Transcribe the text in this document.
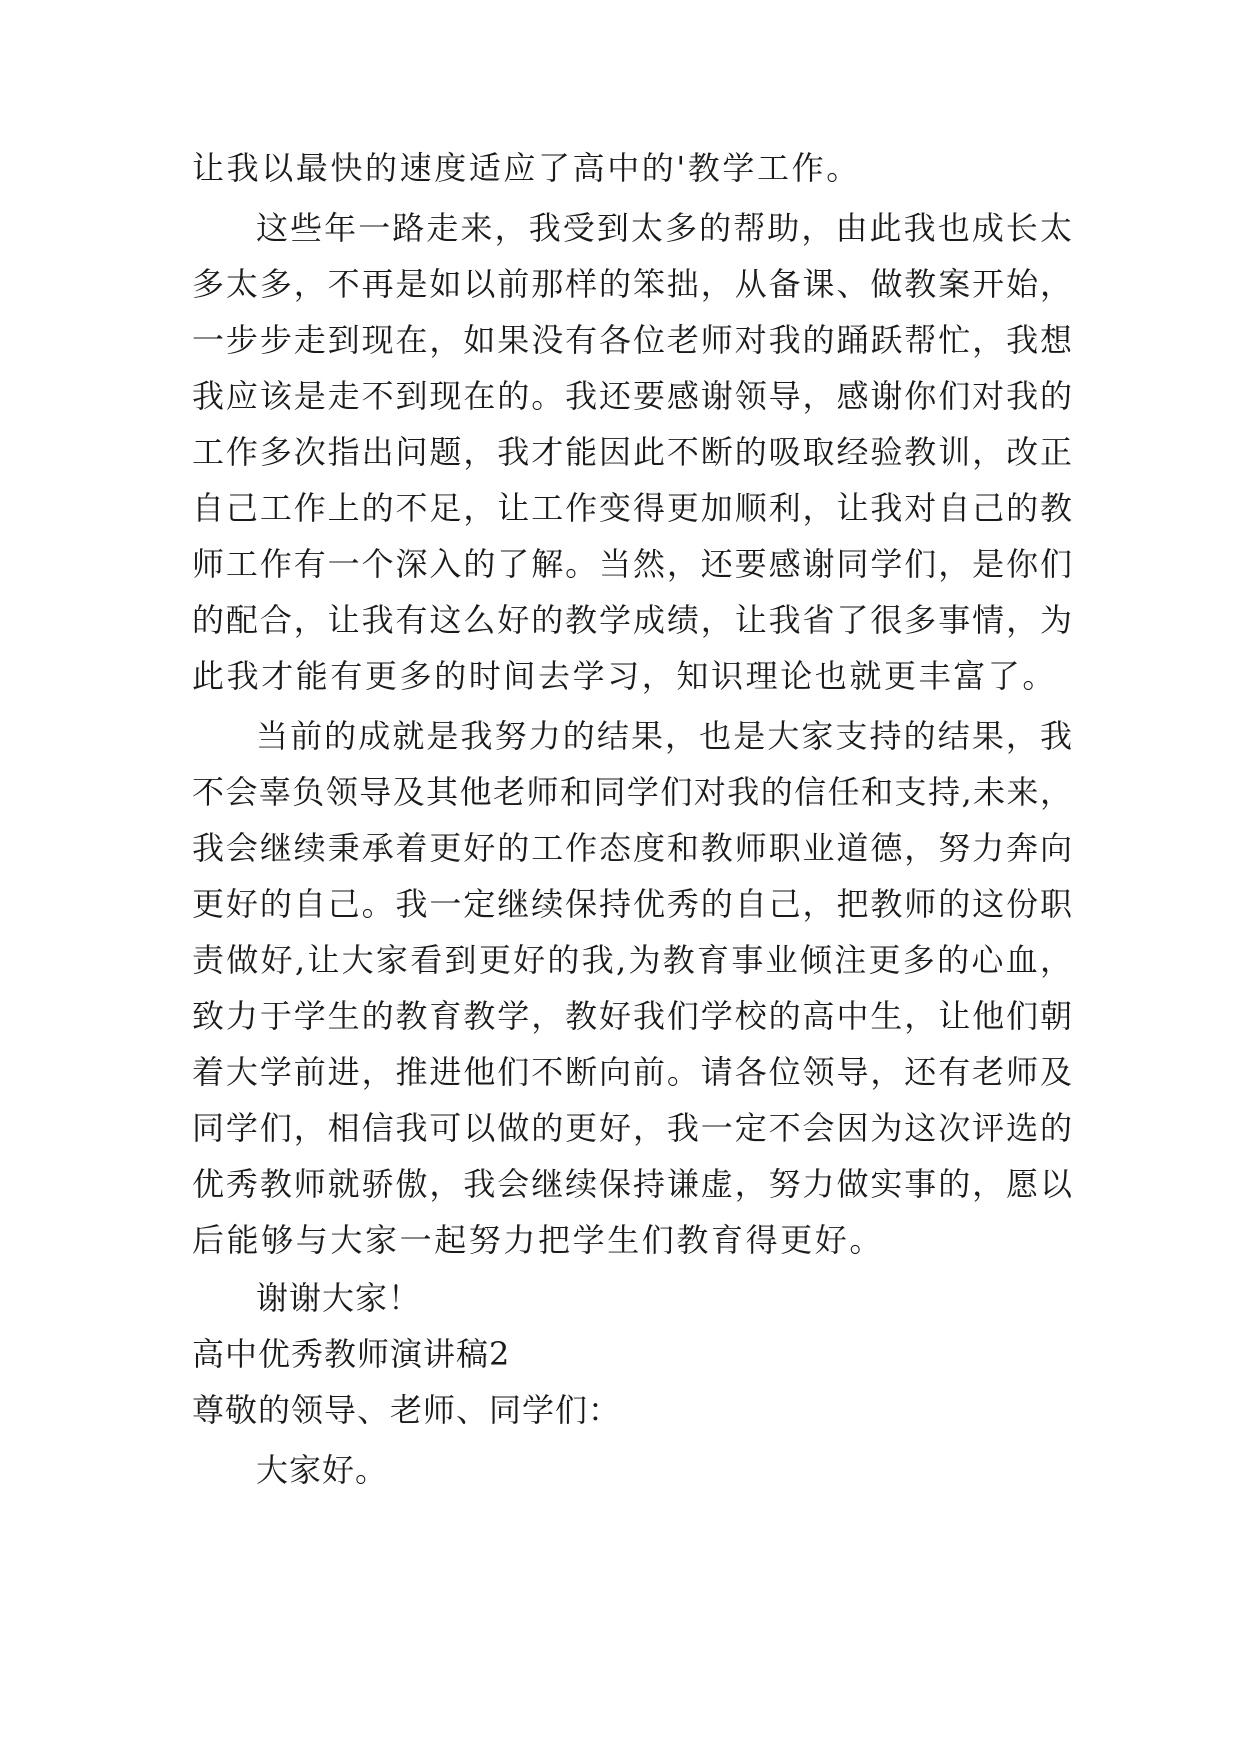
让我以最快的速度适应了高中的'教学工作。
这些年一路走来，我受到太多的帮助，由此我也成长太
多太多，不再是如以前那样的笨拙，从备课、做教案开始，
一步步走到现在，如果没有各位老师对我的踊跃帮忙，我想
我应该是走不到现在的。我还要感谢领导，感谢你们对我的
工作多次指出问题，我才能因此不断的吸取经验教训，改正
自己工作上的不足，让工作变得更加顺利，让我对自己的教
师工作有一个深入的了解。当然，还要感谢同学们，是你们
的配合，让我有这么好的教学成绩，让我省了很多事情，为
此我才能有更多的时间去学习，知识理论也就更丰富了。
当前的成就是我努力的结果，也是大家支持的结果，我
不会辜负领导及其他老师和同学们对我的信任和支持,未来，
我会继续秉承着更好的工作态度和教师职业道德，努力奔向
更好的自己。我一定继续保持优秀的自己，把教师的这份职
责做好,让大家看到更好的我,为教育事业倾注更多的心血，
致力于学生的教育教学，教好我们学校的高中生，让他们朝
着大学前进，推进他们不断向前。请各位领导，还有老师及
同学们，相信我可以做的更好，我一定不会因为这次评选的
优秀教师就骄傲，我会继续保持谦虚，努力做实事的，愿以
后能够与大家一起努力把学生们教育得更好。
谢谢大家！
高中优秀教师演讲稿2
尊敬的领导、老师、同学们：
大家好。
